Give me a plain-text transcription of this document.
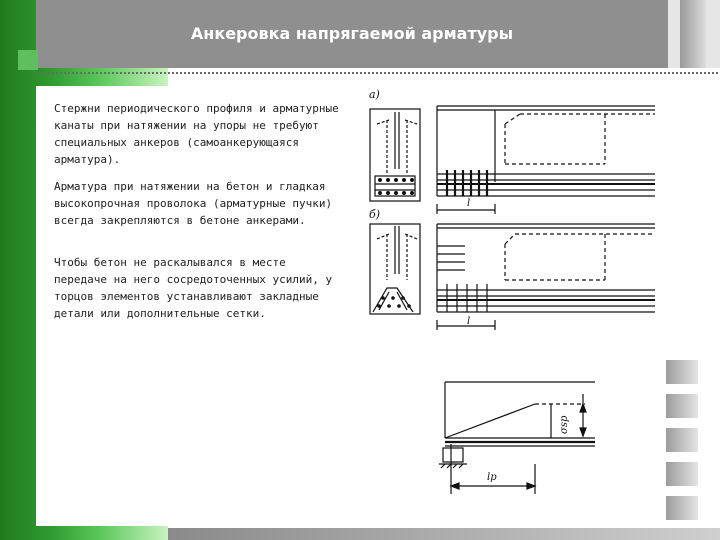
Анкеровка напрягаемой арматуры

Стержни периодического профиля и арматурные канаты при натяжении на упоры не требуют специальных анкеров (самоанкерующаяся арматура).

Арматура при натяжении на бетон и гладкая высокопрочная проволока (арматурные пучки) всегда закрепляются в бетоне анкерами.

Чтобы бетон не раскалывался в месте передаче на него сосредоточенных усилий, у торцов элементов устанавливают закладные детали или дополнительные сетки.

а)
l
б)
l
σsp
lp
